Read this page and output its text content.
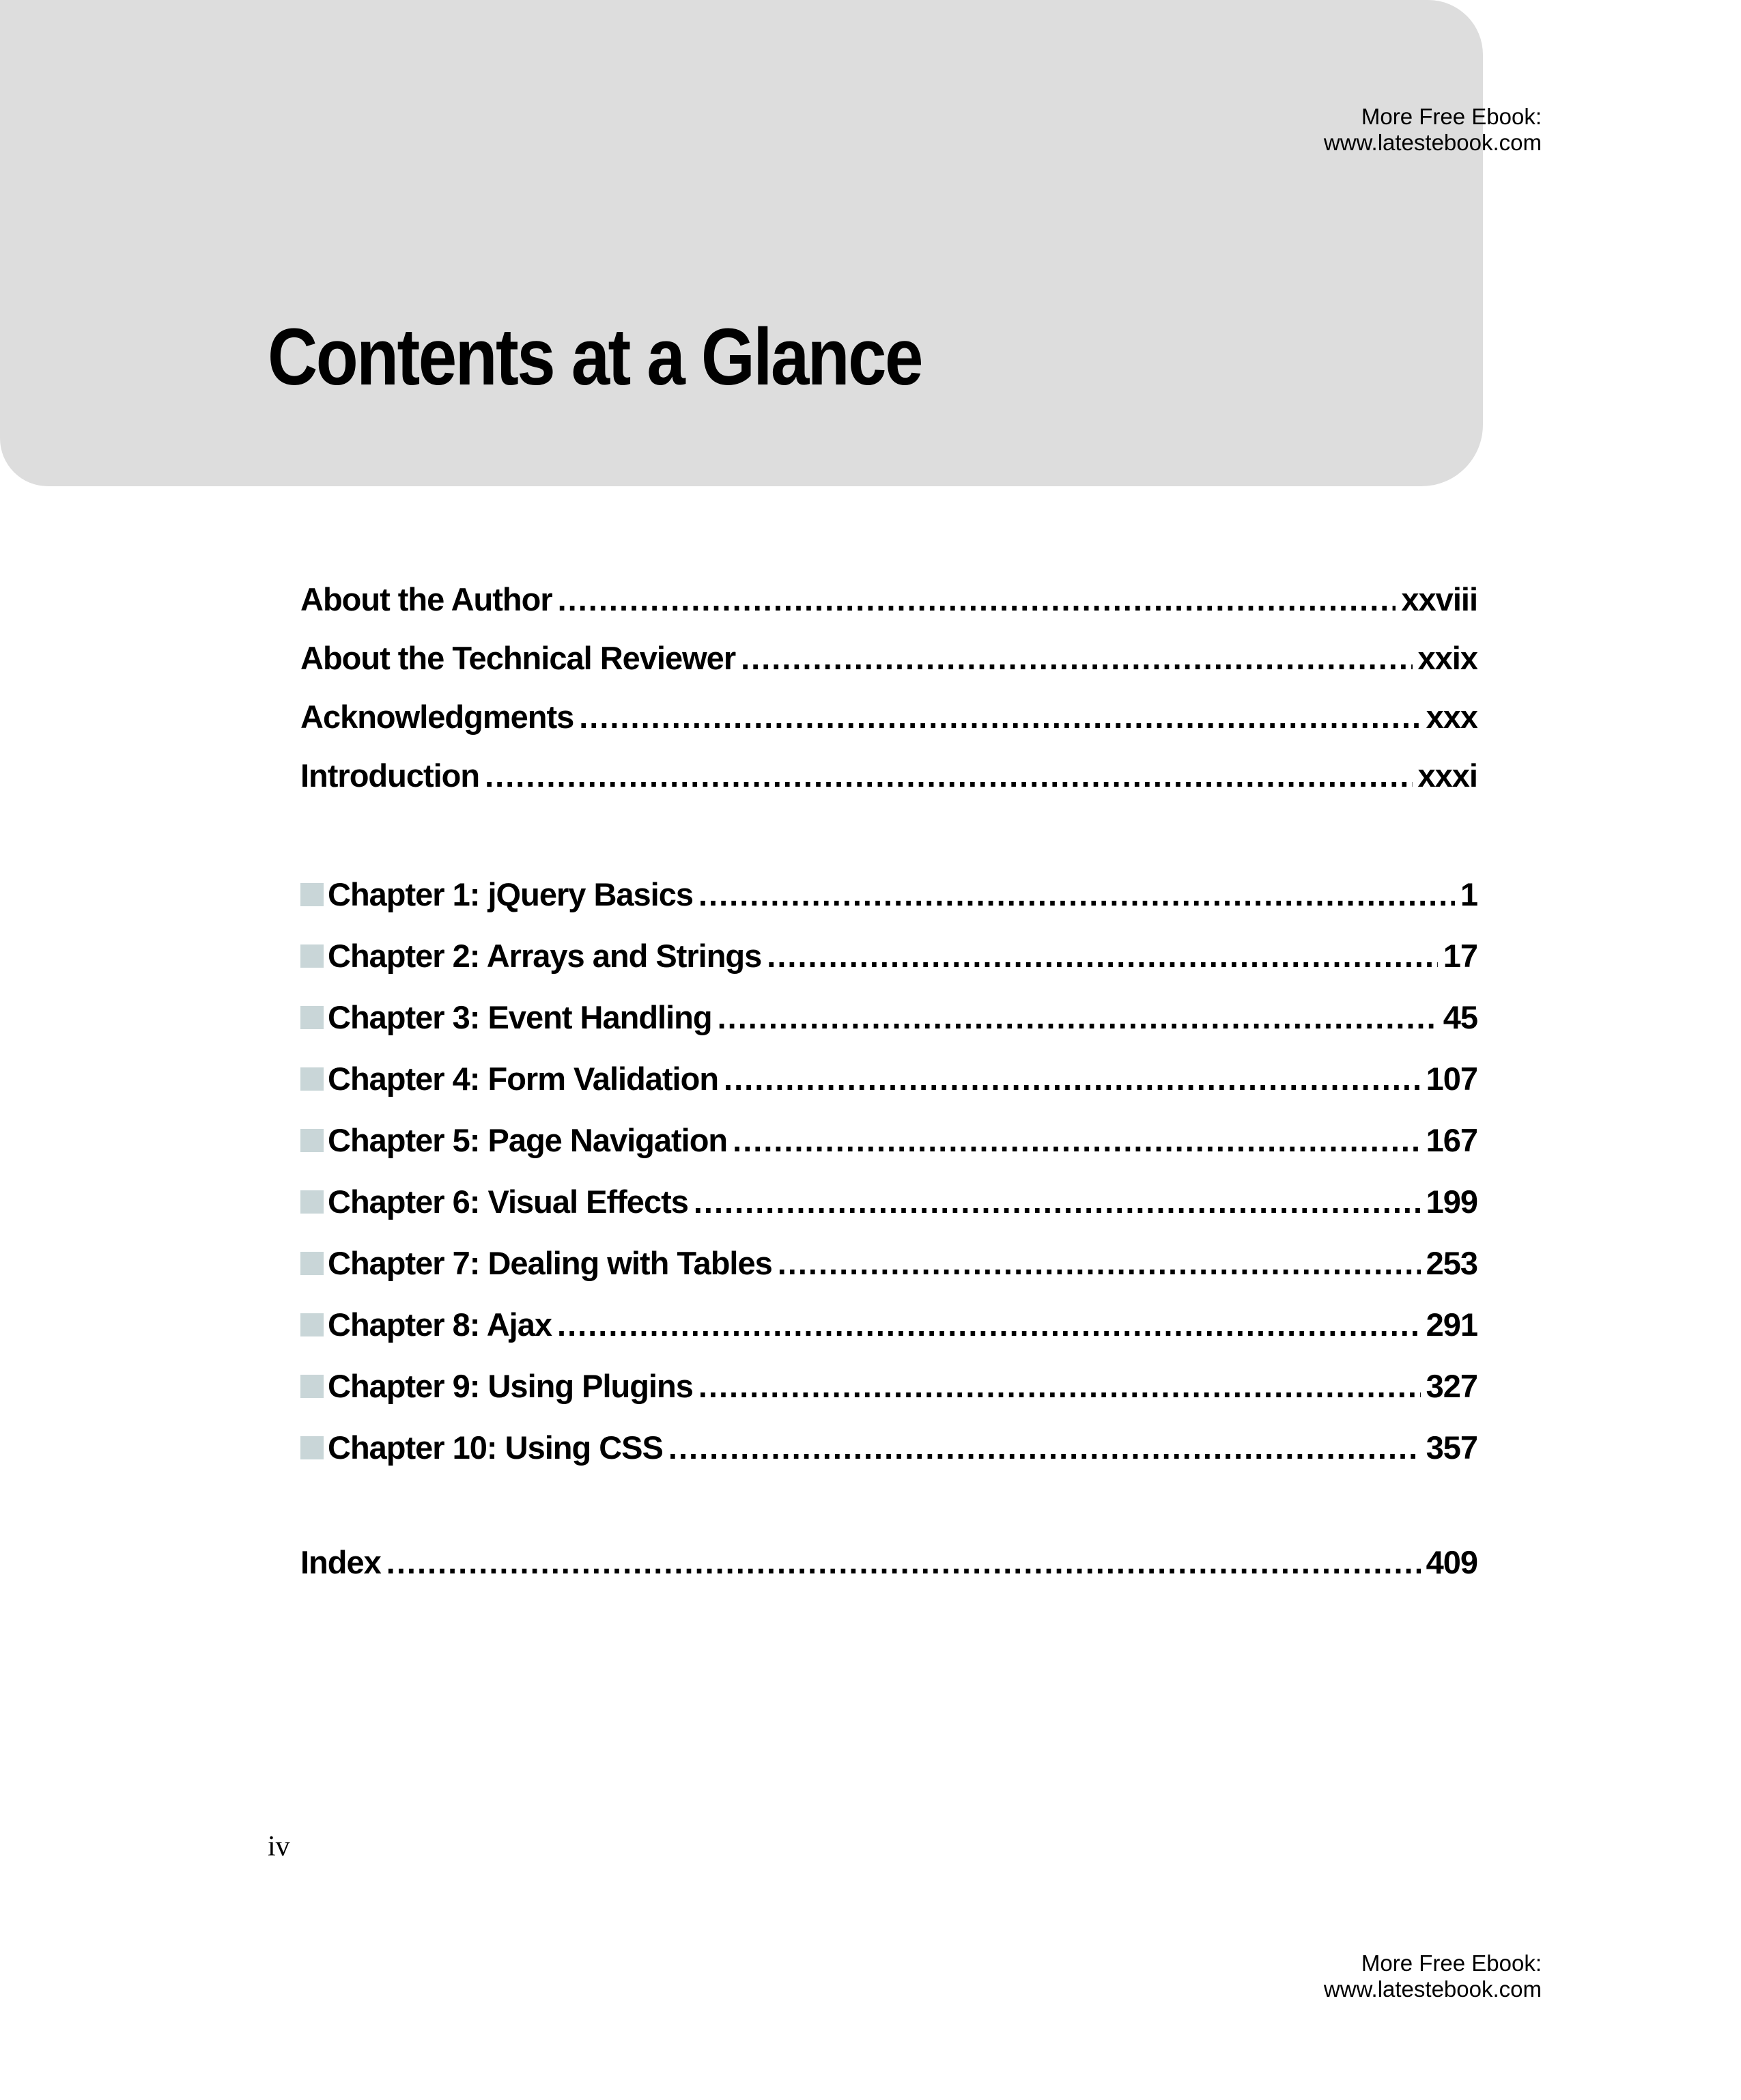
More Free Ebook:
www.latestebook.com
Contents at a Glance
About the Author .....	xxviii
About the Technical Reviewer .....	xxix
Acknowledgments .....	xxx
Introduction .....	xxxi
Chapter 1: jQuery Basics .....	1
Chapter 2: Arrays and Strings .....	17
Chapter 3: Event Handling .....	45
Chapter 4: Form Validation .....	107
Chapter 5: Page Navigation .....	167
Chapter 6: Visual Effects .....	199
Chapter 7: Dealing with Tables .....	253
Chapter 8: Ajax .....	291
Chapter 9: Using Plugins .....	327
Chapter 10: Using CSS .....	357
Index .....	409
iv
More Free Ebook:
www.latestebook.com
